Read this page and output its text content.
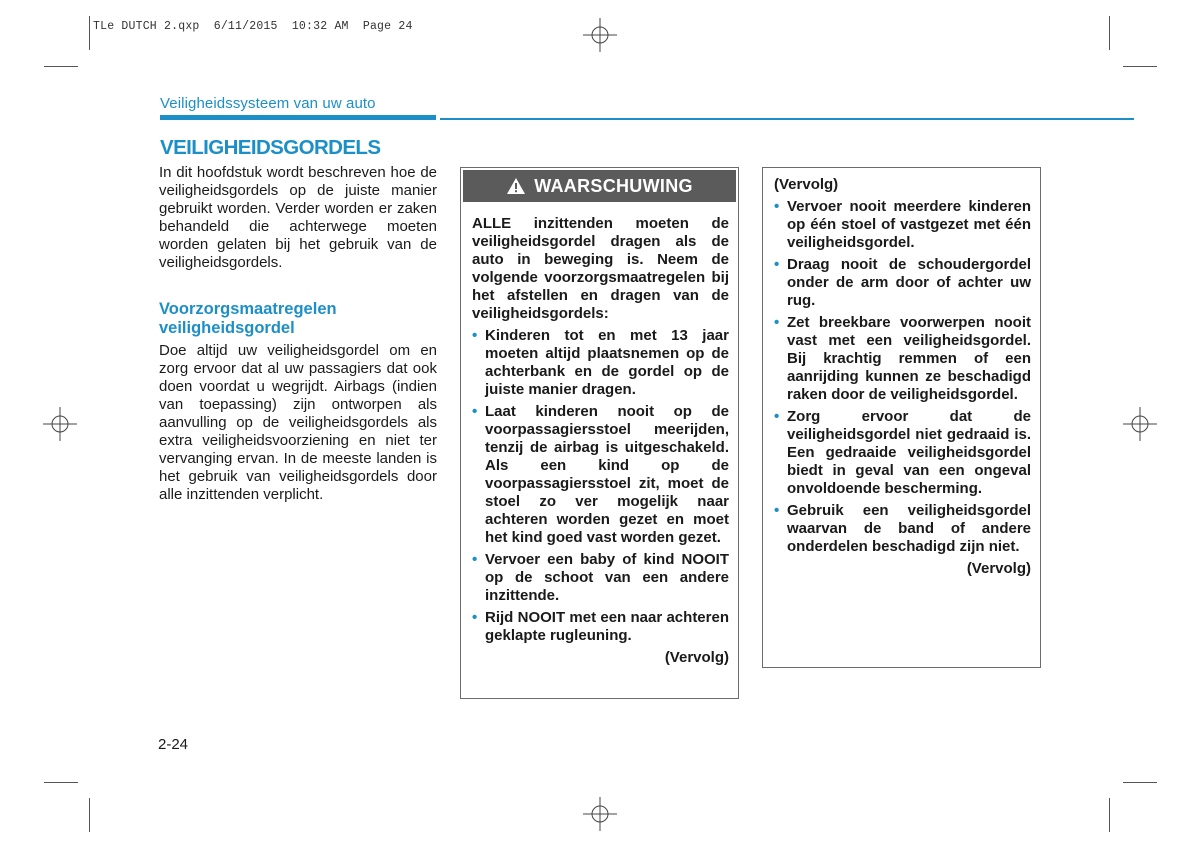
TLe DUTCH 2.qxp  6/11/2015  10:32 AM  Page 24
Veiligheidssysteem van uw auto
VEILIGHEIDSGORDELS

In dit hoofdstuk wordt beschreven hoe de veiligheidsgordels op de juiste manier gebruikt worden. Verder worden er zaken behandeld die achterwege moeten worden gelaten bij het gebruik van de veiligheidsgordels.

Voorzorgsmaatregelen
veiligheidsgordel

Doe altijd uw veiligheidsgordel om en zorg ervoor dat al uw passagiers dat ook doen voordat u wegrijdt. Airbags (indien van toepassing) zijn ontworpen als aanvulling op de veiligheidsgordels als extra veiligheidsvoorziening en niet ter vervanging ervan. In de meeste landen is het gebruik van veiligheidsgordels door alle inzittenden verplicht.

WAARSCHUWING

ALLE inzittenden moeten de veiligheidsgordel dragen als de auto in beweging is. Neem de volgende voorzorgsmaatregelen bij het afstellen en dragen van de veiligheidsgordels:

• Kinderen tot en met 13 jaar moeten altijd plaatsnemen op de achterbank en de gordel op de juiste manier dragen.
• Laat kinderen nooit op de voorpassagiersstoel meerijden, tenzij de airbag is uitgeschakeld. Als een kind op de voorpassagiersstoel zit, moet de stoel zo ver mogelijk naar achteren worden gezet en moet het kind goed vast worden gezet.
• Vervoer een baby of kind NOOIT op de schoot van een andere inzittende.
• Rijd NOOIT met een naar achteren geklapte rugleuning.
(Vervolg)

(Vervolg)

• Vervoer nooit meerdere kinderen op één stoel of vastgezet met één veiligheidsgordel.
• Draag nooit de schoudergordel onder de arm door of achter uw rug.
• Zet breekbare voorwerpen nooit vast met een veiligheidsgordel. Bij krachtig remmen of een aanrijding kunnen ze beschadigd raken door de veiligheidsgordel.
• Zorg ervoor dat de veiligheidsgordel niet gedraaid is. Een gedraaide veiligheidsgordel biedt in geval van een ongeval onvoldoende bescherming.
• Gebruik een veiligheidsgordel waarvan de band of andere onderdelen beschadigd zijn niet.
(Vervolg)
2-24
